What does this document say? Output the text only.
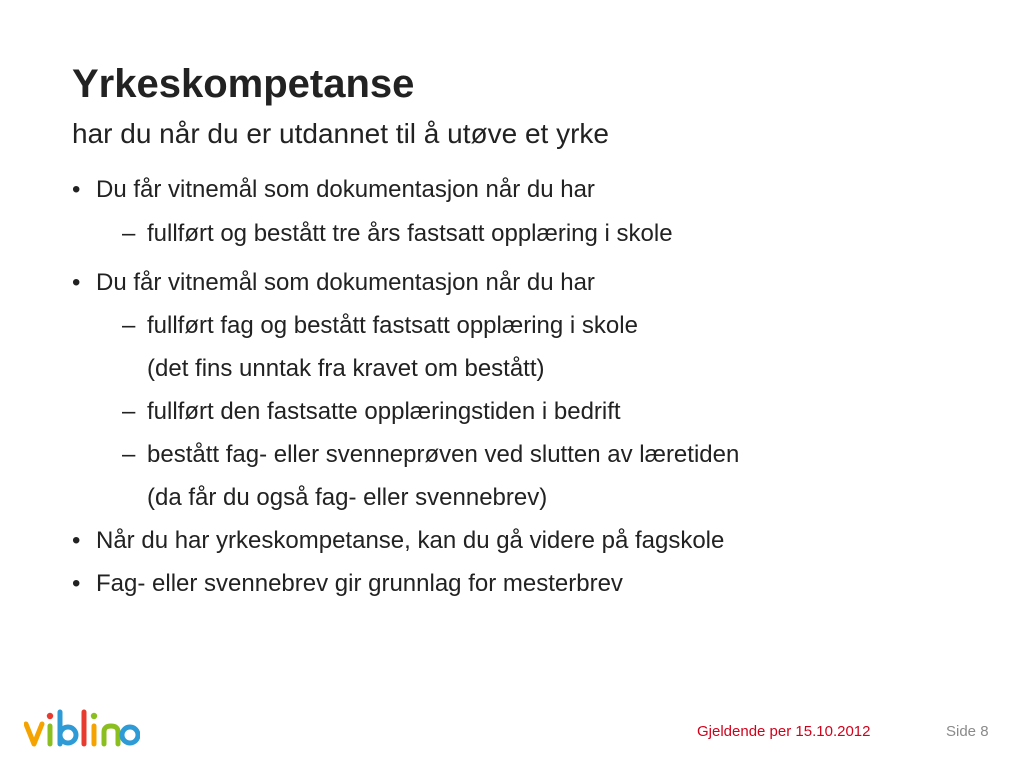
Yrkeskompetanse

har du når du er utdannet til å utøve et yrke

• Du får vitnemål som dokumentasjon når du har
– fullført og bestått tre års fastsatt opplæring i skole
• Du får vitnemål som dokumentasjon når du har
– fullført fag og bestått fastsatt opplæring i skole
(det fins unntak fra kravet om bestått)
– fullført den fastsatte opplæringstiden i bedrift
– bestått fag- eller svenneprøven ved slutten av læretiden
(da får du også fag- eller svennebrev)
• Når du har yrkeskompetanse, kan du gå videre på fagskole
• Fag- eller svennebrev gir grunnlag for mesterbrev
Gjeldende per 15.10.2012	Side 8
